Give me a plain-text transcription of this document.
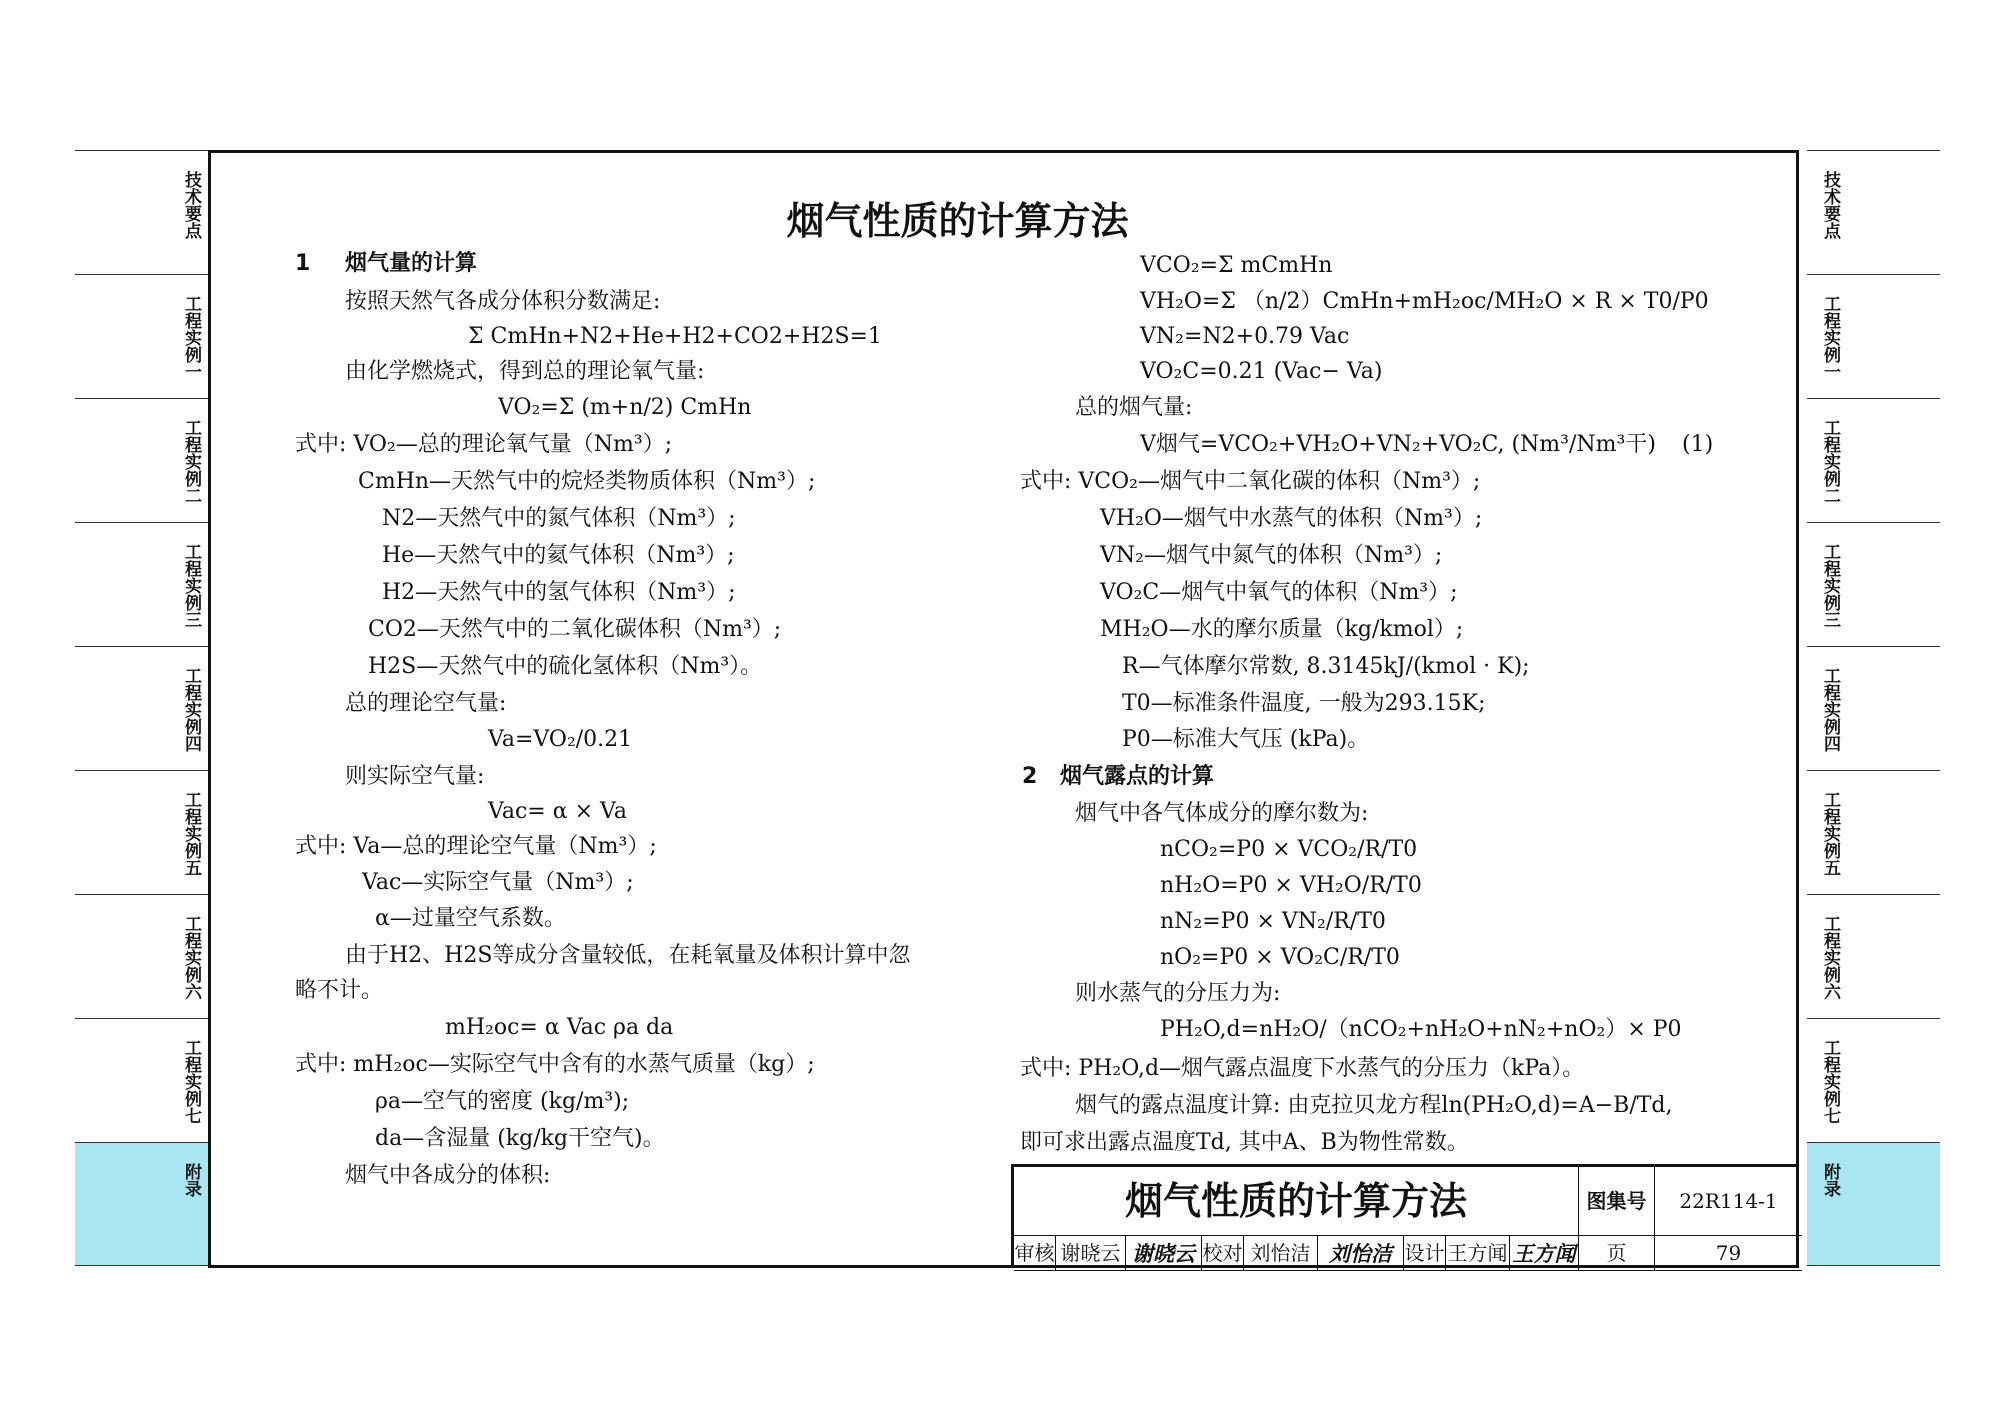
技术要点
工程实例一
工程实例二
工程实例三
工程实例四
工程实例五
工程实例六
工程实例七
附录
技术要点
工程实例一
工程实例二
工程实例三
工程实例四
工程实例五
工程实例六
工程实例七
附录
烟气性质的计算方法
1 烟气量的计算
按照天然气各成分体积分数满足:
Σ CmHn+N2+He+H2+CO2+H2S=1
由化学燃烧式，得到总的理论氧气量:
VO₂=Σ (m+n/2) CmHn
式中: VO₂—总的理论氧气量（Nm³）;
CmHn—天然气中的烷烃类物质体积（Nm³）;
N2—天然气中的氮气体积（Nm³）;
He—天然气中的氦气体积（Nm³）;
H2—天然气中的氢气体积（Nm³）;
CO2—天然气中的二氧化碳体积（Nm³）;
H2S—天然气中的硫化氢体积（Nm³）。
总的理论空气量:
Va=VO₂/0.21
则实际空气量:
Vac= α × Va
式中: Va—总的理论空气量（Nm³）;
Vac—实际空气量（Nm³）;
α—过量空气系数。
由于H2、H2S等成分含量较低，在耗氧量及体积计算中忽
略不计。
mH₂oc= α Vac ρa da
式中: mH₂oc—实际空气中含有的水蒸气质量（kg）;
ρa—空气的密度 (kg/m³);
da—含湿量 (kg/kg干空气)。
烟气中各成分的体积:
VCO₂=Σ mCmHn
VH₂O=Σ （n/2）CmHn+mH₂oc/MH₂O × R × T0/P0
VN₂=N2+0.79 Vac
VO₂C=0.21 (Vac− Va)
总的烟气量:
V烟气=VCO₂+VH₂O+VN₂+VO₂C, (Nm³/Nm³干) (1)
式中: VCO₂—烟气中二氧化碳的体积（Nm³）;
VH₂O—烟气中水蒸气的体积（Nm³）;
VN₂—烟气中氮气的体积（Nm³）;
VO₂C—烟气中氧气的体积（Nm³）;
MH₂O—水的摩尔质量（kg/kmol）;
R—气体摩尔常数, 8.3145kJ/(kmol · K);
T0—标准条件温度, 一般为293.15K;
P0—标准大气压 (kPa)。
2 烟气露点的计算
烟气中各气体成分的摩尔数为:
nCO₂=P0 × VCO₂/R/T0
nH₂O=P0 × VH₂O/R/T0
nN₂=P0 × VN₂/R/T0
nO₂=P0 × VO₂C/R/T0
则水蒸气的分压力为:
PH₂O,d=nH₂O/（nCO₂+nH₂O+nN₂+nO₂）× P0
式中: PH₂O,d—烟气露点温度下水蒸气的分压力（kPa）。
烟气的露点温度计算: 由克拉贝龙方程ln(PH₂O,d)=A−B/Td,
即可求出露点温度Td, 其中A、B为物性常数。
烟气性质的计算方法	图集号	22R114-1
审核 谢晓云 谢晓云 校对 刘怡洁 刘怡洁 设计 王方闻 王方闻	页	79
